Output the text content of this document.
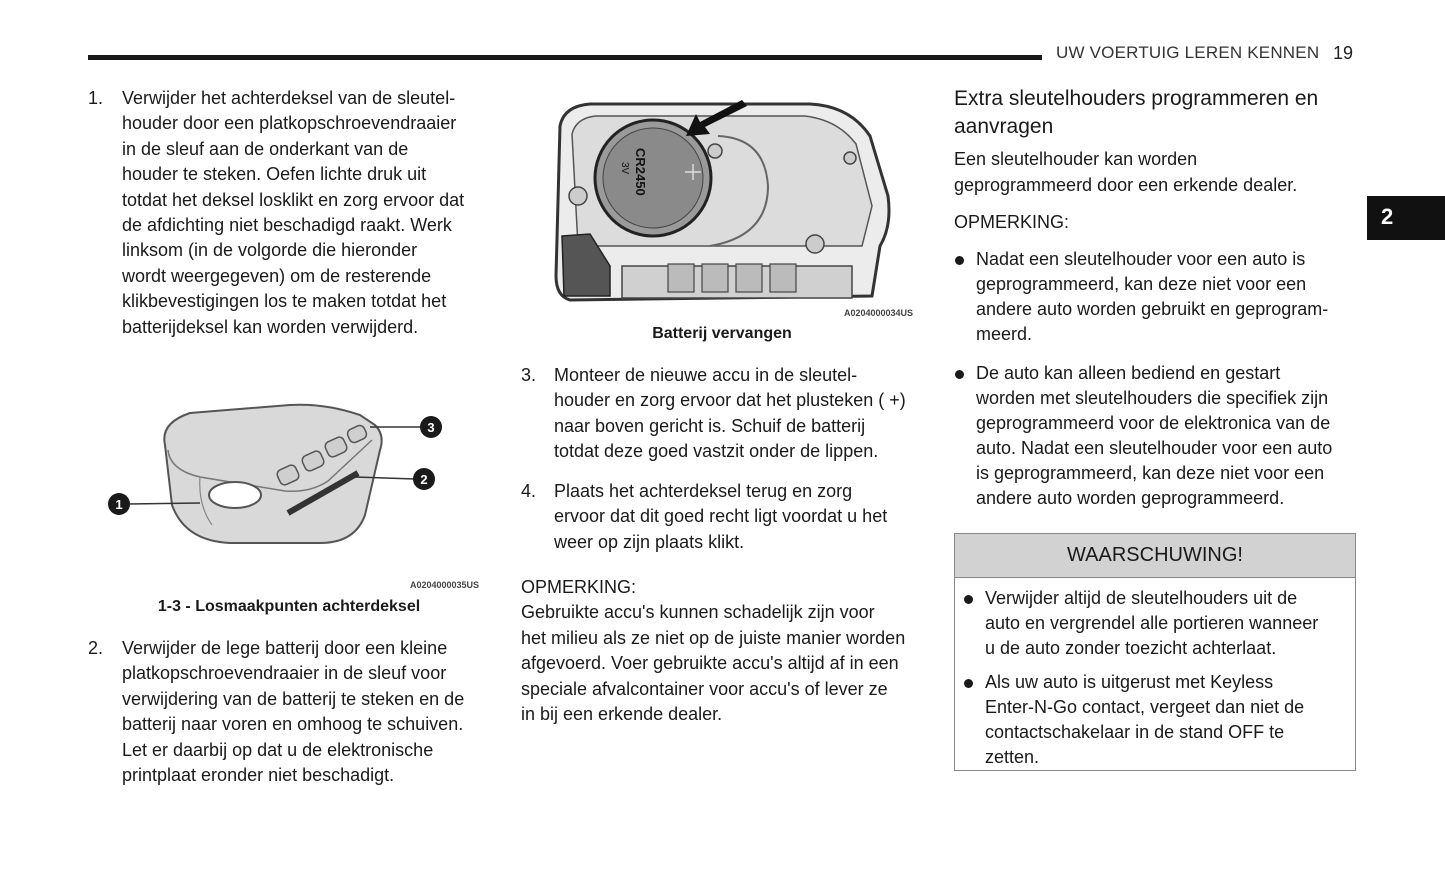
UW VOERTUIG LEREN KENNEN 19
2
1. Verwijder het achterdeksel van de sleutel-
houder door een platkopschroevendraaier
in de sleuf aan de onderkant van de
houder te steken. Oefen lichte druk uit
totdat het deksel losklikt en zorg ervoor dat
de afdichting niet beschadigd raakt. Werk
linksom (in de volgorde die hieronder
wordt weergegeven) om de resterende
klikbevestigingen los te maken totdat het
batterijdeksel kan worden verwijderd.
1
2
3
A0204000035US
1-3 - Losmaakpunten achterdeksel
2. Verwijder de lege batterij door een kleine
platkopschroevendraaier in de sleuf voor
verwijdering van de batterij te steken en de
batterij naar voren en omhoog te schuiven.
Let er daarbij op dat u de elektronische
printplaat eronder niet beschadigt.
CR2450
3V
A0204000034US
Batterij vervangen
3. Monteer de nieuwe accu in de sleutel-
houder en zorg ervoor dat het plusteken ( +)
naar boven gericht is. Schuif de batterij
totdat deze goed vastzit onder de lippen.
4. Plaats het achterdeksel terug en zorg
ervoor dat dit goed recht ligt voordat u het
weer op zijn plaats klikt.
OPMERKING:
Gebruikte accu's kunnen schadelijk zijn voor
het milieu als ze niet op de juiste manier worden
afgevoerd. Voer gebruikte accu's altijd af in een
speciale afvalcontainer voor accu's of lever ze
in bij een erkende dealer.
Extra sleutelhouders programmeren en
aanvragen
Een sleutelhouder kan worden
geprogrammeerd door een erkende dealer.
OPMERKING:
Nadat een sleutelhouder voor een auto is
geprogrammeerd, kan deze niet voor een
andere auto worden gebruikt en geprogram-
meerd.
De auto kan alleen bediend en gestart
worden met sleutelhouders die specifiek zijn
geprogrammeerd voor de elektronica van de
auto. Nadat een sleutelhouder voor een auto
is geprogrammeerd, kan deze niet voor een
andere auto worden geprogrammeerd.
WAARSCHUWING!
Verwijder altijd de sleutelhouders uit de
auto en vergrendel alle portieren wanneer
u de auto zonder toezicht achterlaat.
Als uw auto is uitgerust met Keyless
Enter-N-Go contact, vergeet dan niet de
contactschakelaar in de stand OFF te
zetten.
